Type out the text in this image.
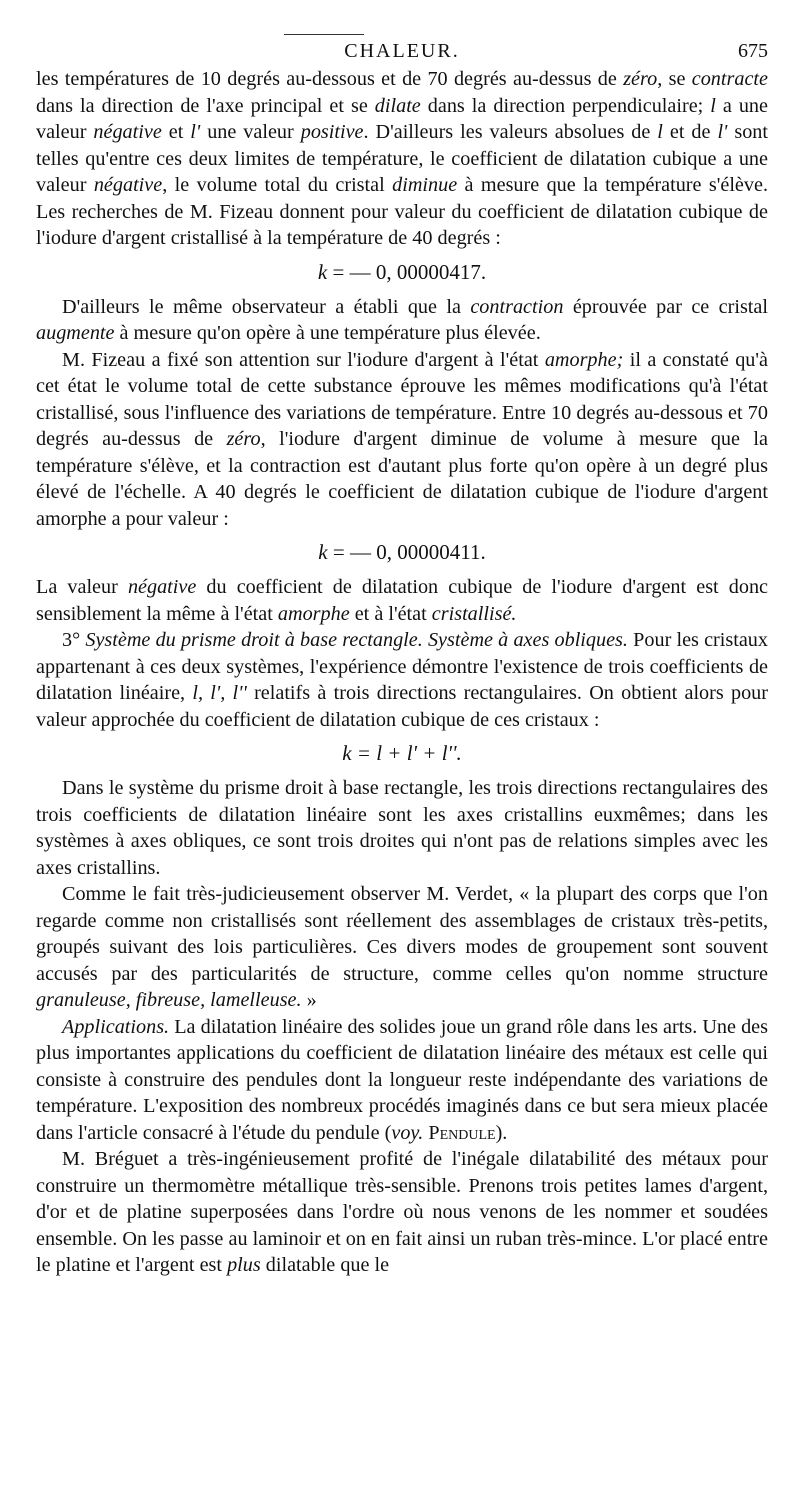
CHALEUR.	675

les températures de 10 degrés au-dessous et de 70 degrés au-dessus de zéro, se contracte dans la direction de l'axe principal et se dilate dans la direction perpendiculaire; l a une valeur négative et l' une valeur positive. D'ailleurs les valeurs absolues de l et de l' sont telles qu'entre ces deux limites de température, le coefficient de dilatation cubique a une valeur négative, le volume total du cristal diminue à mesure que la température s'élève. Les recherches de M. Fizeau donnent pour valeur du coefficient de dilatation cubique de l'iodure d'argent cristallisé à la température de 40 degrés :

k = — 0, 00000417.

D'ailleurs le même observateur a établi que la contraction éprouvée par ce cristal augmente à mesure qu'on opère à une température plus élevée.

M. Fizeau a fixé son attention sur l'iodure d'argent à l'état amorphe; il a constaté qu'à cet état le volume total de cette substance éprouve les mêmes modifications qu'à l'état cristallisé, sous l'influence des variations de température. Entre 10 degrés au-dessous et 70 degrés au-dessus de zéro, l'iodure d'argent diminue de volume à mesure que la température s'élève, et la contraction est d'autant plus forte qu'on opère à un degré plus élevé de l'échelle. A 40 degrés le coefficient de dilatation cubique de l'iodure d'argent amorphe a pour valeur :

k = — 0, 00000411.

La valeur négative du coefficient de dilatation cubique de l'iodure d'argent est donc sensiblement la même à l'état amorphe et à l'état cristallisé.

3° Système du prisme droit à base rectangle. Système à axes obliques. Pour les cristaux appartenant à ces deux systèmes, l'expérience démontre l'existence de trois coefficients de dilatation linéaire, l, l', l'' relatifs à trois directions rectangulaires. On obtient alors pour valeur approchée du coefficient de dilatation cubique de ces cristaux :

k = l + l' + l''.

Dans le système du prisme droit à base rectangle, les trois directions rectangulaires des trois coefficients de dilatation linéaire sont les axes cristallins euxmêmes; dans les systèmes à axes obliques, ce sont trois droites qui n'ont pas de relations simples avec les axes cristallins.

Comme le fait très-judicieusement observer M. Verdet, « la plupart des corps que l'on regarde comme non cristallisés sont réellement des assemblages de cristaux très-petits, groupés suivant des lois particulières. Ces divers modes de groupement sont souvent accusés par des particularités de structure, comme celles qu'on nomme structure granuleuse, fibreuse, lamelleuse. »

Applications. La dilatation linéaire des solides joue un grand rôle dans les arts. Une des plus importantes applications du coefficient de dilatation linéaire des métaux est celle qui consiste à construire des pendules dont la longueur reste indépendante des variations de température. L'exposition des nombreux procédés imaginés dans ce but sera mieux placée dans l'article consacré à l'étude du pendule (voy. Pendule).

M. Bréguet a très-ingénieusement profité de l'inégale dilatabilité des métaux pour construire un thermomètre métallique très-sensible. Prenons trois petites lames d'argent, d'or et de platine superposées dans l'ordre où nous venons de les nommer et soudées ensemble. On les passe au laminoir et on en fait ainsi un ruban très-mince. L'or placé entre le platine et l'argent est plus dilatable que le
